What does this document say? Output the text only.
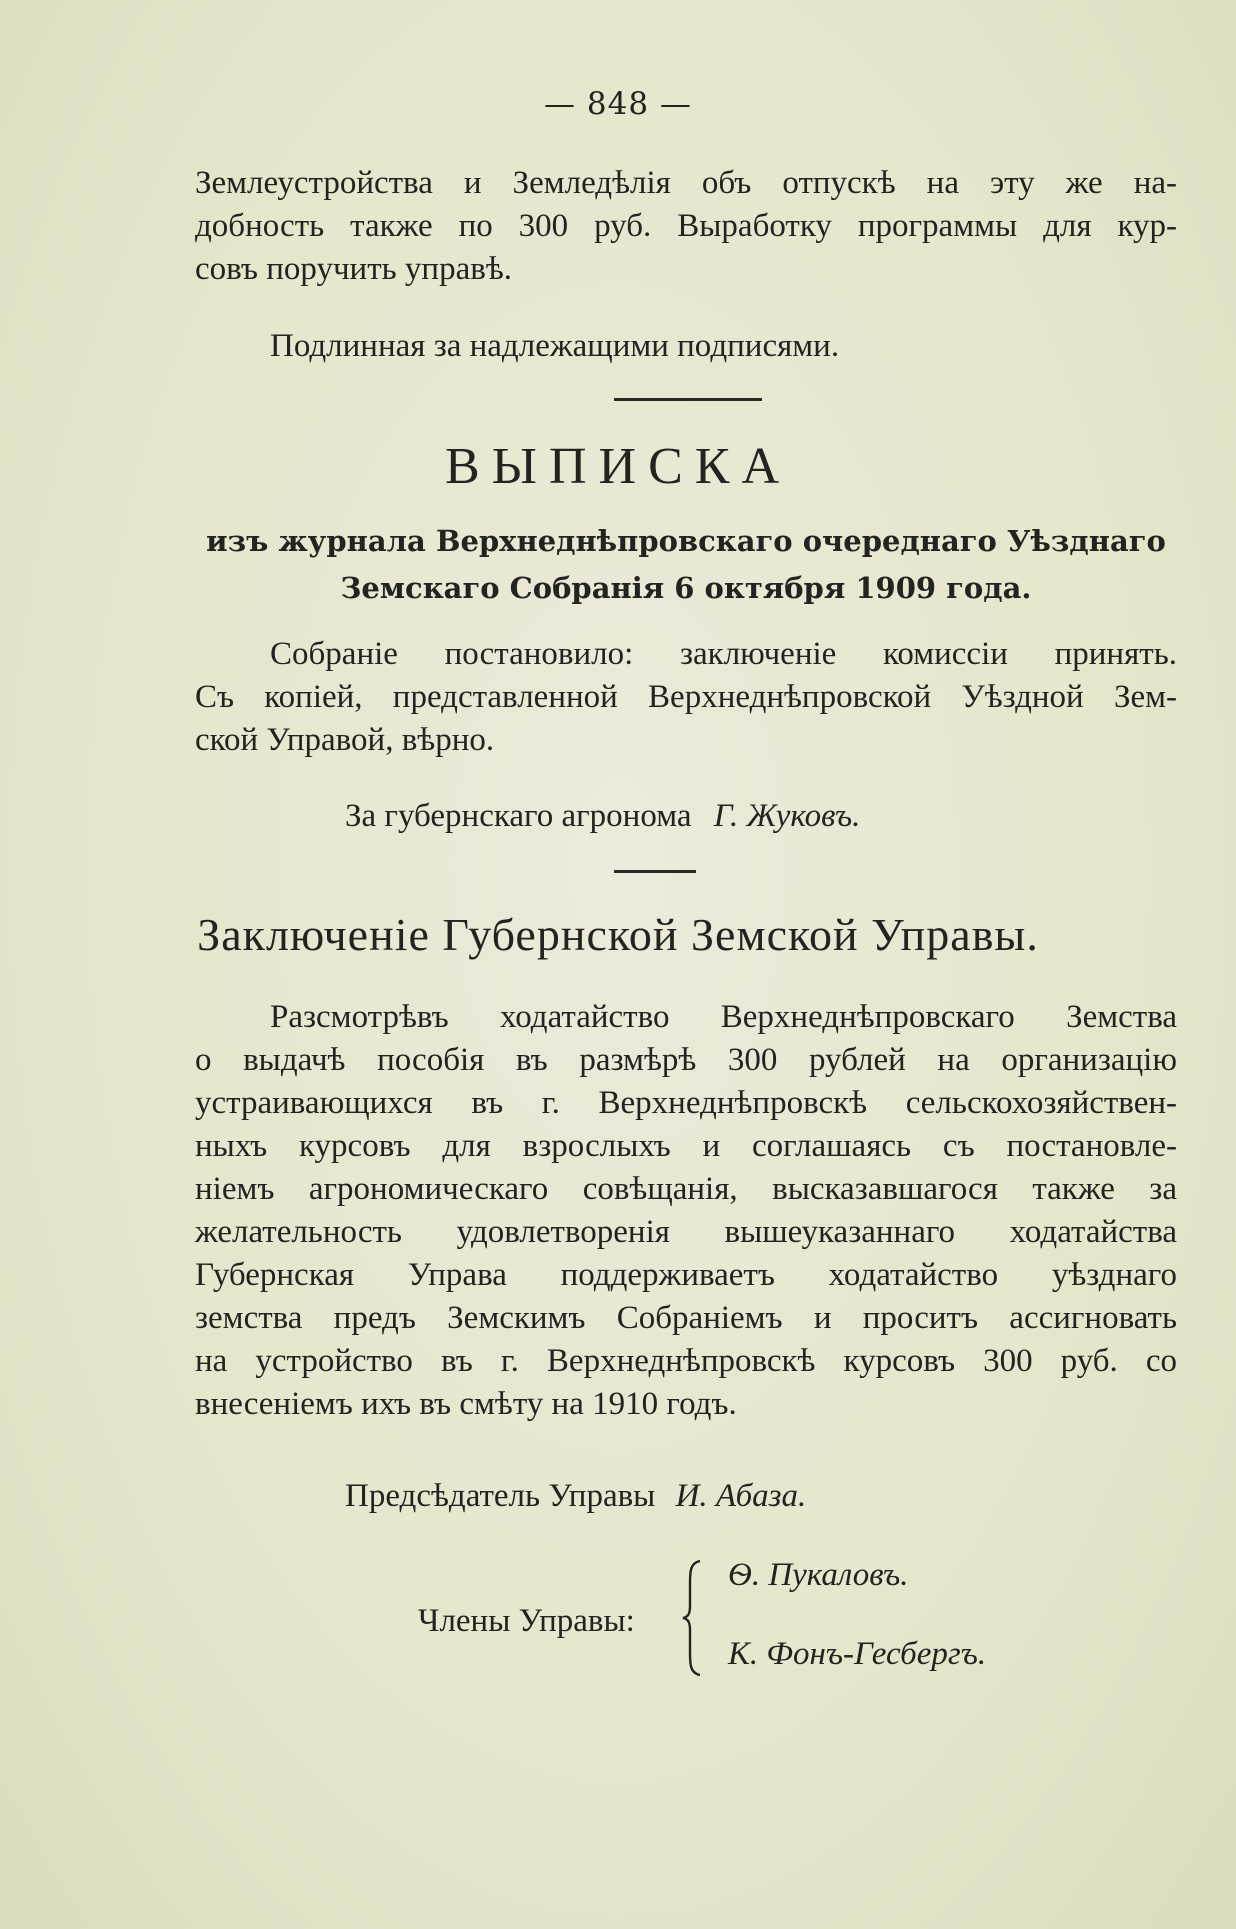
— 848 —
Землеустройства и Земледѣлія объ отпускѣ на эту же на-
добность также по 300 руб. Выработку программы для кур-
совъ поручить управѣ.
Подлинная за надлежащими подписями.
ВЫПИСКА
изъ журнала Верхнеднѣпровскаго очереднаго Уѣзднаго
Земскаго Собранія 6 октября 1909 года.
Собраніе постановило: заключеніе комиссіи принять.
Съ копіей, представленной Верхнеднѣпровской Уѣздной Зем-
ской Управой, вѣрно.
За губернскаго агронома Г. Жуковъ.
Заключеніе Губернской Земской Управы.
Разсмотрѣвъ ходатайство Верхнеднѣпровскаго Земства
о выдачѣ пособія въ размѣрѣ 300 рублей на организацію
устраивающихся въ г. Верхнеднѣпровскѣ сельскохозяйствен-
ныхъ курсовъ для взрослыхъ и соглашаясь съ постановле-
ніемъ агрономическаго совѣщанія, высказавшагося также за
желательность удовлетворенія вышеуказаннаго ходатайства
Губернская Управа поддерживаетъ ходатайство уѣзднаго
земства предъ Земскимъ Собраніемъ и проситъ ассигновать
на устройство въ г. Верхнеднѣпровскѣ курсовъ 300 руб. со
внесеніемъ ихъ въ смѣту на 1910 годъ.
Предсѣдатель Управы И. Абаза.
Члены Управы:
Ѳ. Пукаловъ.
К. Фонъ-Гесбергъ.
